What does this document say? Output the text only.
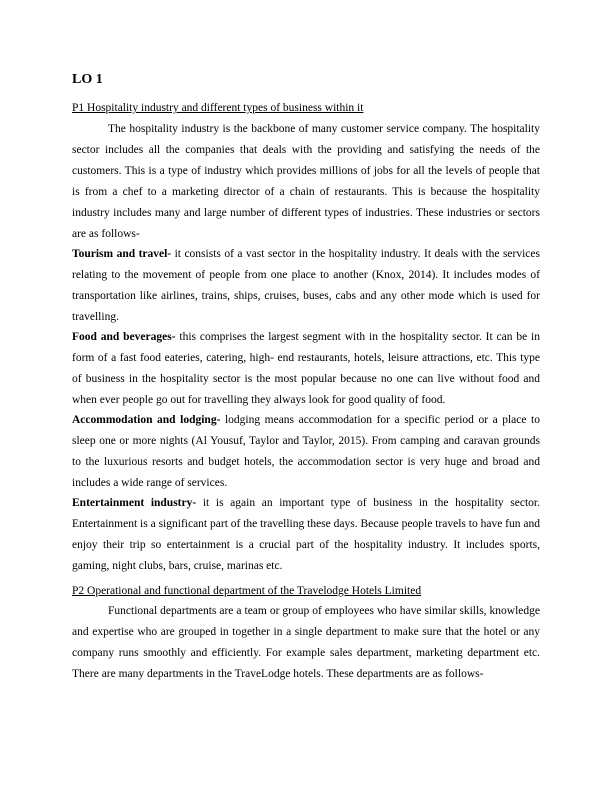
LO 1

P1 Hospitality industry and different types of business within it

The hospitality industry is the backbone of many customer service company. The hospitality sector includes all the companies that deals with the providing and satisfying the needs of the customers. This is a type of industry which provides millions of jobs for all the levels of people that is from a chef to a marketing director of a chain of restaurants. This is because the hospitality industry includes many and large number of different types of industries. These industries or sectors are as follows-

Tourism and travel- it consists of a vast sector in the hospitality industry. It deals with the services relating to the movement of people from one place to another (Knox, 2014). It includes modes of transportation like airlines, trains, ships, cruises, buses, cabs and any other mode which is used for travelling.

Food and beverages- this comprises the largest segment with in the hospitality sector. It can be in form of a fast food eateries, catering, high- end restaurants, hotels, leisure attractions, etc. This type of business in the hospitality sector is the most popular because no one can live without food and when ever people go out for travelling they always look for good quality of food.

Accommodation and lodging- lodging means accommodation for a specific period or a place to sleep one or more nights (Al Yousuf, Taylor and Taylor, 2015). From camping and caravan grounds to the luxurious resorts and budget hotels, the accommodation sector is very huge and broad and includes a wide range of services.

Entertainment industry- it is again an important type of business in the hospitality sector. Entertainment is a significant part of the travelling these days. Because people travels to have fun and enjoy their trip so entertainment is a crucial part of the hospitality industry. It includes sports, gaming, night clubs, bars, cruise, marinas etc.

P2 Operational and functional department of the Travelodge Hotels Limited

Functional departments are a team or group of employees who have similar skills, knowledge and expertise who are grouped in together in a single department to make sure that the hotel or any company runs smoothly and efficiently. For example sales department, marketing department etc. There are many departments in the TraveLodge hotels. These departments are as follows-
